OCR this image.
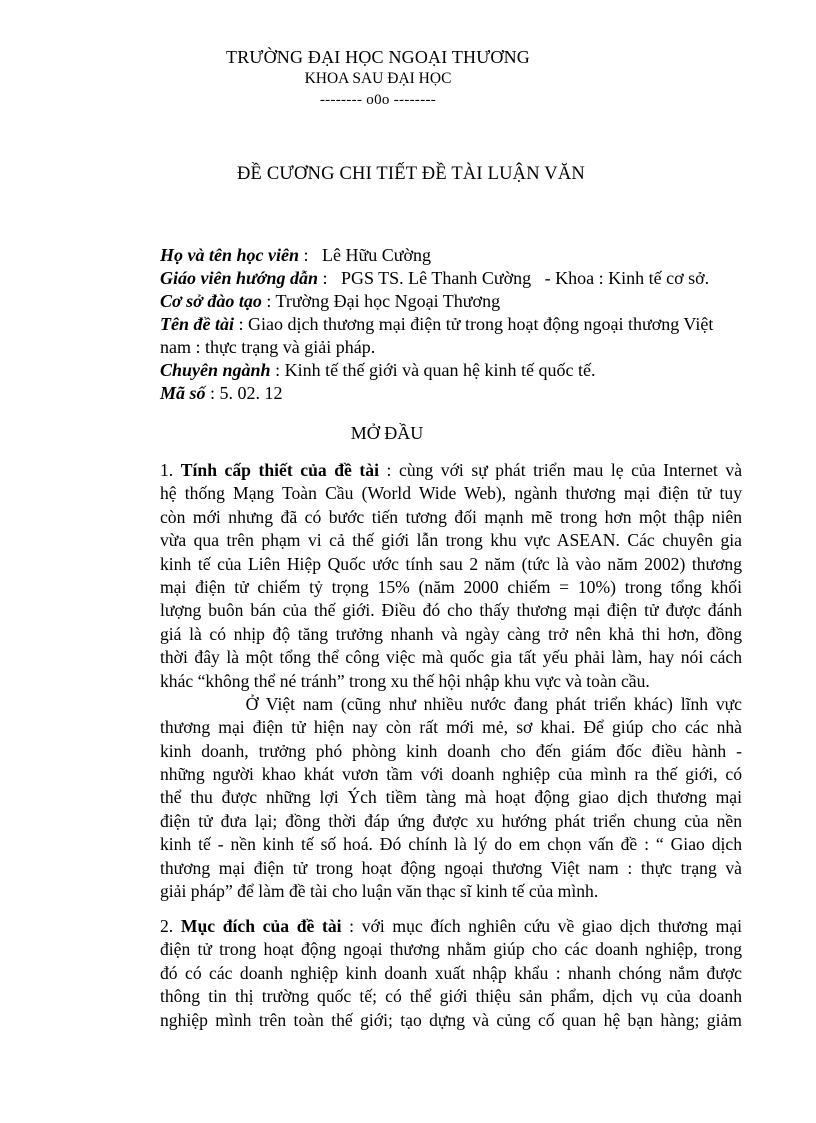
TRƯỜNG ĐẠI HỌC NGOẠI THƯƠNG
KHOA SAU ĐẠI HỌC
-------- o0o --------
ĐỀ CƯƠNG CHI TIẾT ĐỀ TÀI LUẬN VĂN
Họ và tên học viên :   Lê Hữu Cường
Giáo viên hướng dẫn :   PGS TS. Lê Thanh Cường   - Khoa : Kinh tế cơ sở.
Cơ sở đào tạo : Trường Đại học Ngoại Thương
Tên đề tài : Giao dịch thương mại điện tử trong hoạt động ngoại thương Việt
nam : thực trạng và giải pháp.
Chuyên ngành : Kinh tế thế giới và quan hệ kinh tế quốc tế.
Mã số : 5. 02. 12
MỞ ĐẦU
1. Tính cấp thiết của đề tài : cùng với sự phát triển mau lẹ của Internet và
hệ thống Mạng Toàn Cầu (World Wide Web), ngành thương mại điện tử tuy
còn mới nhưng đã có bước tiến tương đối mạnh mẽ trong hơn một thập niên
vừa qua trên phạm vi cả thế giới lẫn trong khu vực ASEAN. Các chuyên gia
kinh tế của Liên Hiệp Quốc ước tính sau 2 năm (tức là vào năm 2002) thương
mại điện tử chiếm tỷ trọng 15% (năm 2000 chiếm = 10%) trong tổng khối
lượng buôn bán của thế giới. Điều đó cho thấy thương mại điện tử được đánh
giá là có nhịp độ tăng trưởng nhanh và ngày càng trở nên khả thi hơn, đồng
thời đây là một tổng thể công việc mà quốc gia tất yếu phải làm, hay nói cách
khác “không thể né tránh” trong xu thế hội nhập khu vực và toàn cầu.
Ở Việt nam (cũng như nhiều nước đang phát triển khác) lĩnh vực
thương mại điện tử hiện nay còn rất mới mẻ, sơ khai. Để giúp cho các nhà
kinh doanh, trưởng phó phòng kinh doanh cho đến giám đốc điều hành -
những người khao khát vươn tầm với doanh nghiệp của mình ra thế giới, có
thể thu được những lợi Ých tiềm tàng mà hoạt động giao dịch thương mại
điện tử đưa lại; đồng thời đáp ứng được xu hướng phát triển chung của nền
kinh tế - nền kinh tế số hoá. Đó chính là lý do em chọn vấn đề : “ Giao dịch
thương mại điện tử trong hoạt động ngoại thương Việt nam : thực trạng và
giải pháp” để làm đề tài cho luận văn thạc sĩ kinh tế của mình.
2. Mục đích của đề tài : với mục đích nghiên cứu về giao dịch thương mại
điện tử trong hoạt động ngoại thương nhằm giúp cho các doanh nghiệp, trong
đó có các doanh nghiệp kinh doanh xuất nhập khẩu : nhanh chóng nắm được
thông tin thị trường quốc tế; có thể giới thiệu sản phẩm, dịch vụ của doanh
nghiệp mình trên toàn thế giới; tạo dựng và củng cố quan hệ bạn hàng; giảm
